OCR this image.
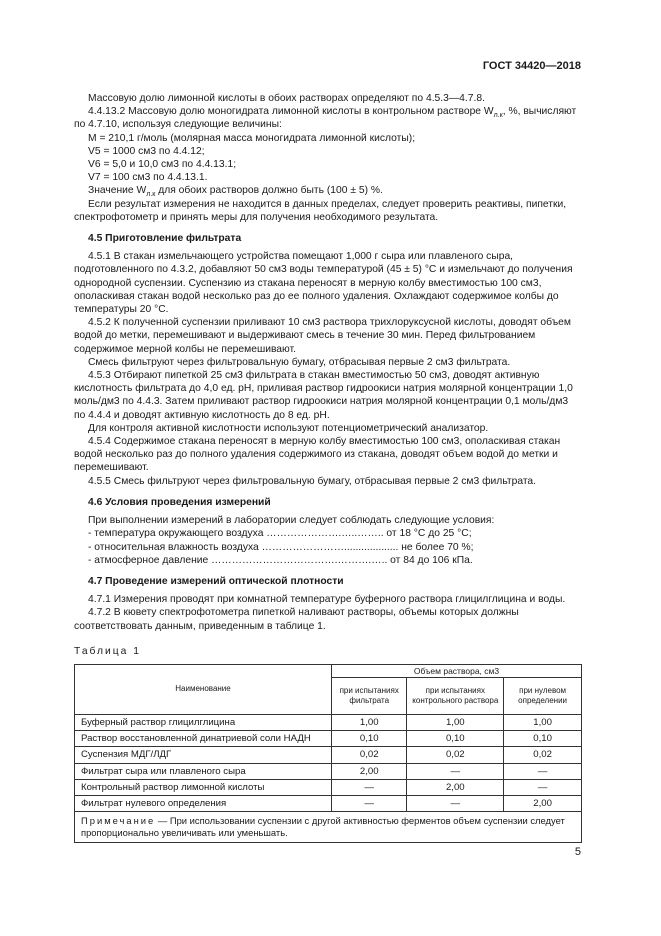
ГОСТ 34420—2018

Массовую долю лимонной кислоты в обоих растворах определяют по 4.5.3—4.7.8.

4.4.13.2 Массовую долю моногидрата лимонной кислоты в контрольном растворе $W_{л.к}$, %, вычисляют по 4.7.10, используя следующие величины:

М = 210,1 г/моль (молярная масса моногидрата лимонной кислоты);

V5 = 1000 см3 по 4.4.12;

V6 = 5,0 и 10,0 см3 по 4.4.13.1;

V7 = 100 см3 по 4.4.13.1.

Значение $W_{л.к}$ для обоих растворов должно быть (100 ± 5) %.

Если результат измерения не находится в данных пределах, следует проверить реактивы, пипетки, спектрофотометр и принять меры для получения необходимого результата.

4.5 Приготовление фильтрата

4.5.1 В стакан измельчающего устройства помещают 1,000 г сыра или плавленого сыра, подготовленного по 4.3.2, добавляют 50 см3 воды температурой (45 ± 5) °С и измельчают до получения однородной суспензии. Суспензию из стакана переносят в мерную колбу вместимостью 100 см3, ополаскивая стакан водой несколько раз до ее полного удаления. Охлаждают содержимое колбы до температуры 20 °С.

4.5.2 К полученной суспензии приливают 10 см3 раствора трихлоруксусной кислоты, доводят объем водой до метки, перемешивают и выдерживают смесь в течение 30 мин. Перед фильтрованием содержимое мерной колбы не перемешивают.

Смесь фильтруют через фильтровальную бумагу, отбрасывая первые 2 см3 фильтрата.

4.5.3 Отбирают пипеткой 25 см3 фильтрата в стакан вместимостью 50 см3, доводят активную кислотность фильтрата до 4,0 ед. pH, приливая раствор гидроокиси натрия молярной концентрации 1,0 моль/дм3 по 4.4.3. Затем приливают раствор гидроокиси натрия молярной концентрации 0,1 моль/дм3 по 4.4.4 и доводят активную кислотность до 8 ед. pH.

Для контроля активной кислотности используют потенциометрический анализатор.

4.5.4 Содержимое стакана переносят в мерную колбу вместимостью 100 см3, ополаскивая стакан водой несколько раз до полного удаления содержимого из стакана, доводят объем водой до метки и перемешивают.

4.5.5 Смесь фильтруют через фильтровальную бумагу, отбрасывая первые 2 см3 фильтрата.

4.6 Условия проведения измерений

При выполнении измерений в лаборатории следует соблюдать следующие условия:

- температура окружающего воздуха ………………….…..…….. от 18 °С до 25 °С;

- относительная влажность воздуха ……………………................... не более 70 %;

- атмосферное давление ……………………………….……….….. от 84 до 106 кПа.

4.7 Проведение измерений оптической плотности

4.7.1 Измерения проводят при комнатной температуре буферного раствора глицилглицина и воды.

4.7.2 В кювету спектрофотометра пипеткой наливают растворы, объемы которых должны соответствовать данным, приведенным в таблице 1.

Таблица 1

Наименование	Объем раствора, см3		
	при испытаниях фильтрата	при испытаниях контрольного раствора	при нулевом определении
Буферный раствор глицилглицина	1,00	1,00	1,00
Раствор восстановленной динатриевой соли НАДН	0,10	0,10	0,10
Суспензия МДГ/ЛДГ	0,02	0,02	0,02
Фильтрат сыра или плавленого сыра	2,00	—	—
Контрольный раствор лимонной кислоты	—	2,00	—
Фильтрат нулевого определения	—	—	2,00
Примечание — При использовании суспензии с другой активностью ферментов объем суспензии следует пропорционально увеличивать или уменьшать.			
5
